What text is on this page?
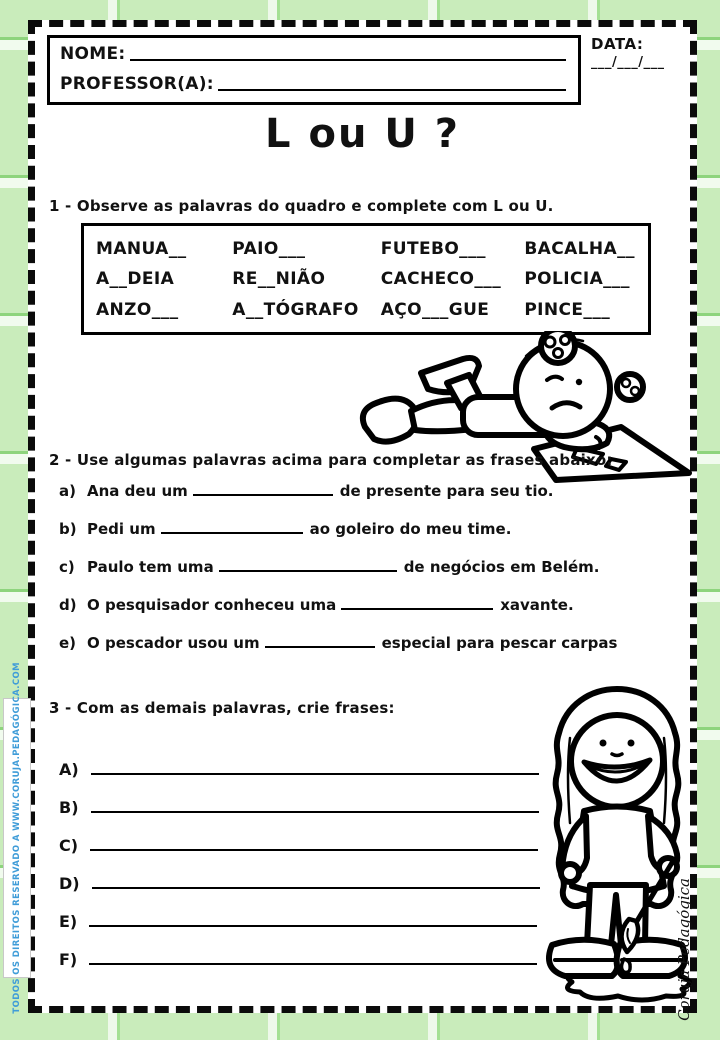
NOME:
PROFESSOR(A):
DATA:
___/___/___
L ou U ?
1 - Observe as palavras do quadro e complete com L ou U.
MANUA__	PAIO___	FUTEBO___	BACALHA__
A__DEIA	RE__NIÃO	CACHECO___	POLICIA___
ANZO___	A__TÓGRAFO	AÇO___GUE	PINCE___
2 - Use algumas palavras acima para completar as frases abaixo:
a) Ana deu um	de presente para seu tio.
b) Pedi um	ao goleiro do meu time.
c) Paulo tem uma	de negócios em Belém.
d) O pesquisador conheceu uma	xavante.
e) O pescador usou um	especial para pescar carpas
3 - Com as demais palavras, crie frases:
A)
B)
C)
D)
E)
F)
TODOS OS DIREITOS RESERVADO A WWW.CORUJA.PEDAGÓGICA.COM	Coruja Pedagógica
